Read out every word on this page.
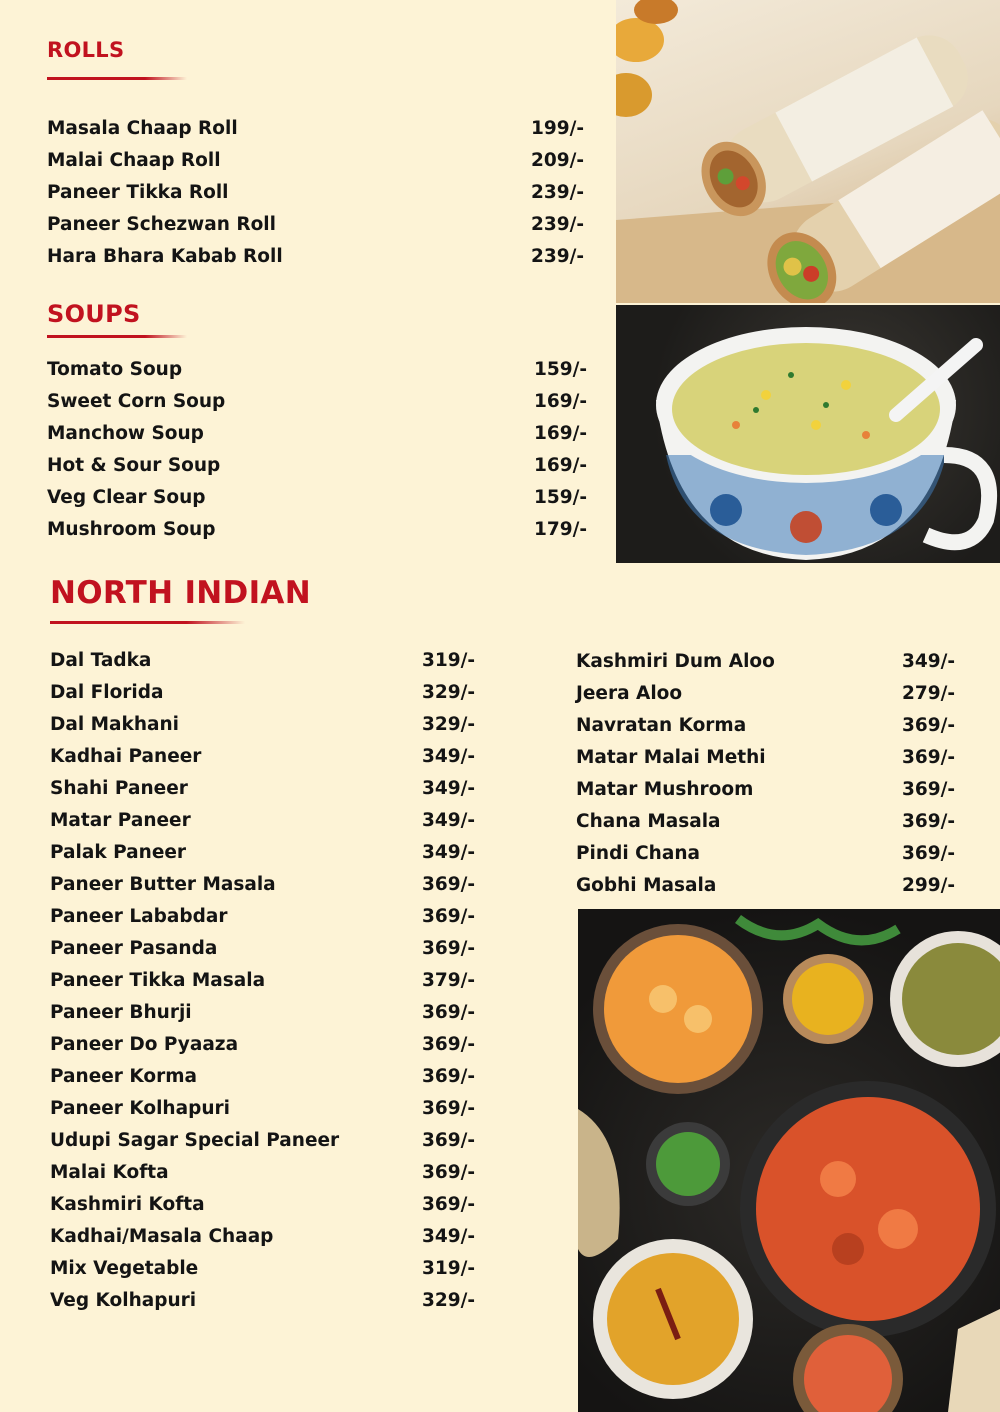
ROLLS
Masala Chaap Roll	199/-
Malai Chaap Roll	209/-
Paneer Tikka Roll	239/-
Paneer Schezwan Roll	239/-
Hara Bhara Kabab Roll	239/-
SOUPS
Tomato Soup	159/-
Sweet Corn Soup	169/-
Manchow Soup	169/-
Hot & Sour Soup	169/-
Veg Clear Soup	159/-
Mushroom Soup	179/-
NORTH INDIAN
Dal Tadka	319/-
Dal Florida	329/-
Dal Makhani	329/-
Kadhai Paneer	349/-
Shahi Paneer	349/-
Matar Paneer	349/-
Palak Paneer	349/-
Paneer Butter Masala	369/-
Paneer Lababdar	369/-
Paneer Pasanda	369/-
Paneer Tikka Masala	379/-
Paneer Bhurji	369/-
Paneer Do Pyaaza	369/-
Paneer Korma	369/-
Paneer Kolhapuri	369/-
Udupi Sagar Special Paneer	369/-
Malai Kofta	369/-
Kashmiri Kofta	369/-
Kadhai/Masala Chaap	349/-
Mix Vegetable	319/-
Veg Kolhapuri	329/-
Kashmiri Dum Aloo	349/-
Jeera Aloo	279/-
Navratan Korma	369/-
Matar Malai Methi	369/-
Matar Mushroom	369/-
Chana Masala	369/-
Pindi Chana	369/-
Gobhi Masala	299/-
